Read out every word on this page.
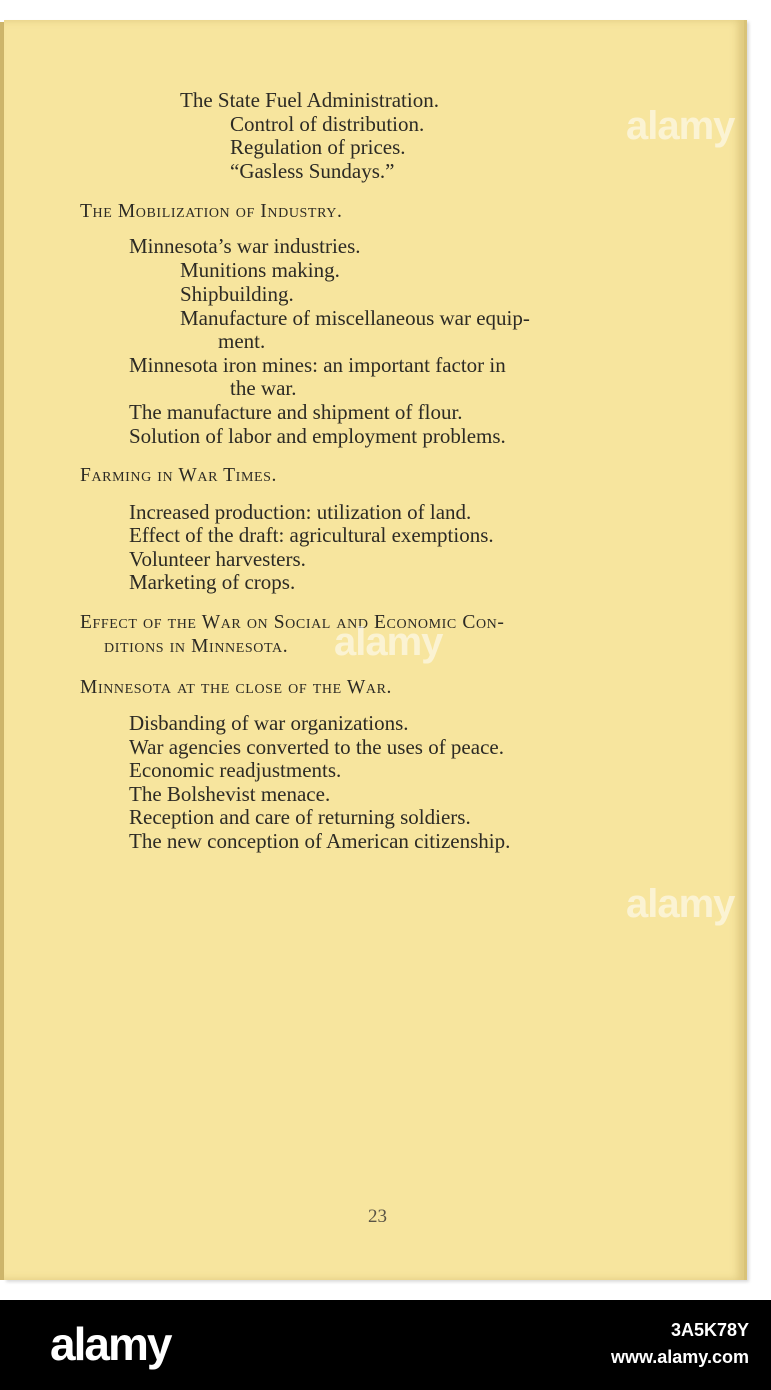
The State Fuel Administration.

Control of distribution.

Regulation of prices.

“Gasless Sundays.”

The Mobilization of Industry.

Minnesota’s war industries.

Munitions making.

Shipbuilding.

Manufacture of miscellaneous war equip-

ment.

Minnesota iron mines: an important factor in

the war.

The manufacture and shipment of flour.

Solution of labor and employment problems.

Farming in War Times.

Increased production: utilization of land.

Effect of the draft: agricultural exemptions.

Volunteer harvesters.

Marketing of crops.

Effect of the War on Social and Economic Con-

ditions in Minnesota.

Minnesota at the close of the War.

Disbanding of war organizations.

War agencies converted to the uses of peace.

Economic readjustments.

The Bolshevist menace.

Reception and care of returning soldiers.

The new conception of American citizenship.

23

alamy
alamy
alamy

alamy	3A5K78Y

www.alamy.com
